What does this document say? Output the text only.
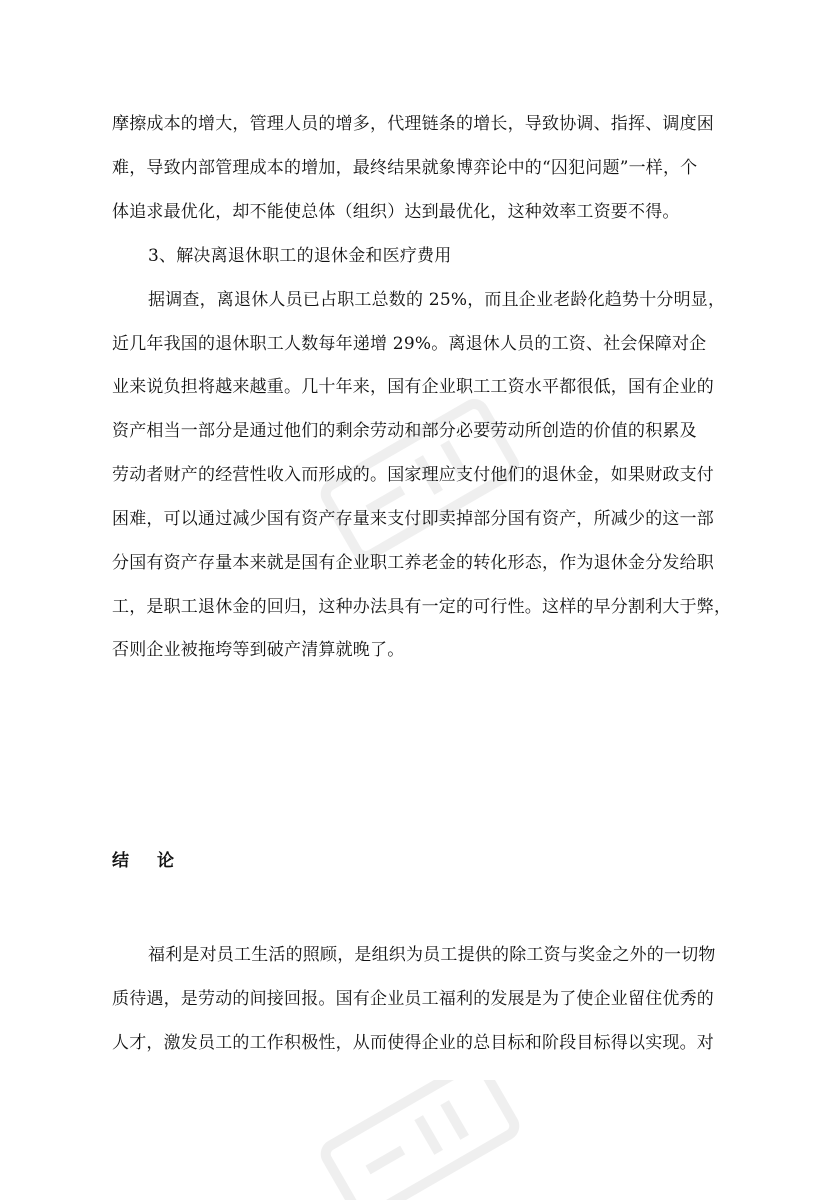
摩擦成本的增大，管理人员的增多，代理链条的增长，导致协调、指挥、调度困
难，导致内部管理成本的增加，最终结果就象博弈论中的“囚犯问题”一样，个
体追求最优化，却不能使总体（组织）达到最优化，这种效率工资要不得。
3、解决离退休职工的退休金和医疗费用
据调查，离退休人员已占职工总数的 25%，而且企业老龄化趋势十分明显，
近几年我国的退休职工人数每年递增 29%。离退休人员的工资、社会保障对企
业来说负担将越来越重。几十年来，国有企业职工工资水平都很低，国有企业的
资产相当一部分是通过他们的剩余劳动和部分必要劳动所创造的价值的积累及
劳动者财产的经营性收入而形成的。国家理应支付他们的退休金，如果财政支付
困难，可以通过减少国有资产存量来支付即卖掉部分国有资产，所减少的这一部
分国有资产存量本来就是国有企业职工养老金的转化形态，作为退休金分发给职
工，是职工退休金的回归，这种办法具有一定的可行性。这样的早分割利大于弊，
否则企业被拖垮等到破产清算就晚了。
结 论
福利是对员工生活的照顾，是组织为员工提供的除工资与奖金之外的一切物
质待遇，是劳动的间接回报。国有企业员工福利的发展是为了使企业留住优秀的
人才，激发员工的工作积极性，从而使得企业的总目标和阶段目标得以实现。对
